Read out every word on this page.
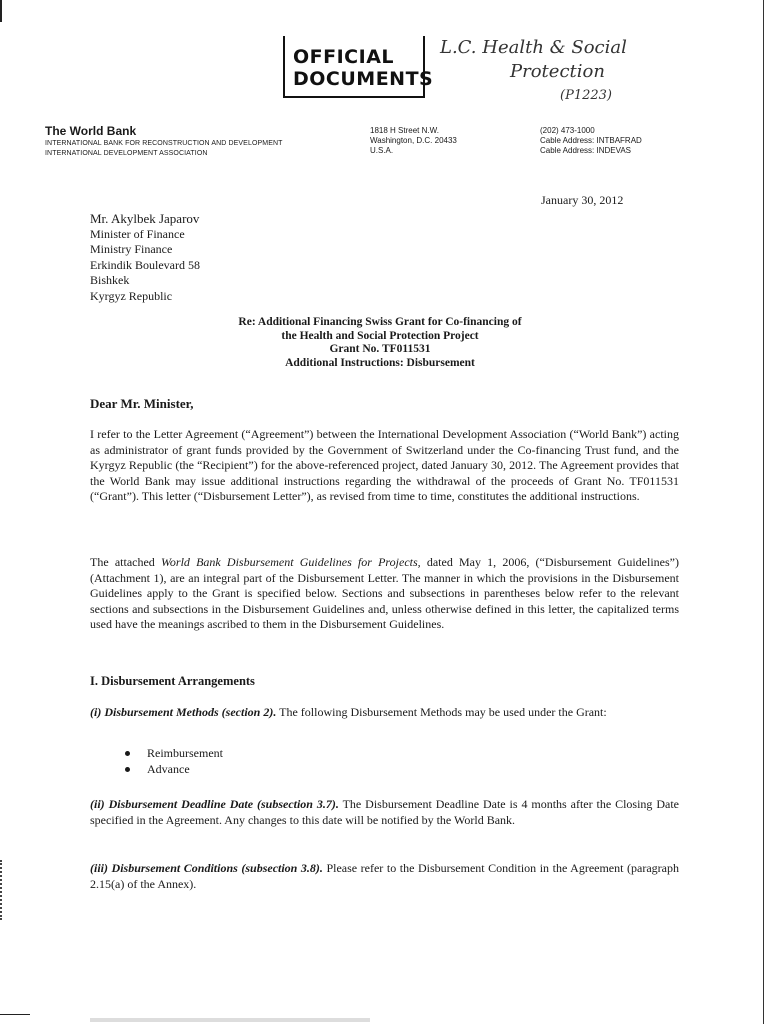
OFFICIAL
DOCUMENTS
L.C. Health & Social
Protection
(P1223)
The World Bank
INTERNATIONAL BANK FOR RECONSTRUCTION AND DEVELOPMENT
INTERNATIONAL DEVELOPMENT ASSOCIATION
1818 H Street N.W.
Washington, D.C. 20433
U.S.A.
(202) 473-1000
Cable Address: INTBAFRAD
Cable Address: INDEVAS
January 30, 2012
Mr. Akylbek Japarov
Minister of Finance
Ministry Finance
Erkindik Boulevard 58
Bishkek
Kyrgyz Republic
Re: Additional Financing Swiss Grant for Co-financing of
the Health and Social Protection Project
Grant No. TF011531
Additional Instructions: Disbursement
Dear Mr. Minister,
I refer to the Letter Agreement (“Agreement”) between the International Development Association (“World Bank”) acting as administrator of grant funds provided by the Government of Switzerland under the Co-financing Trust fund, and the Kyrgyz Republic (the “Recipient”) for the above-referenced project, dated January 30, 2012. The Agreement provides that the World Bank may issue additional instructions regarding the withdrawal of the proceeds of Grant No. TF011531 (“Grant”). This letter (“Disbursement Letter”), as revised from time to time, constitutes the additional instructions.
The attached World Bank Disbursement Guidelines for Projects, dated May 1, 2006, (“Disbursement Guidelines”) (Attachment 1), are an integral part of the Disbursement Letter. The manner in which the provisions in the Disbursement Guidelines apply to the Grant is specified below. Sections and subsections in parentheses below refer to the relevant sections and subsections in the Disbursement Guidelines and, unless otherwise defined in this letter, the capitalized terms used have the meanings ascribed to them in the Disbursement Guidelines.
I. Disbursement Arrangements
(i) Disbursement Methods (section 2). The following Disbursement Methods may be used under the Grant:
Reimbursement
Advance
(ii) Disbursement Deadline Date (subsection 3.7). The Disbursement Deadline Date is 4 months after the Closing Date specified in the Agreement. Any changes to this date will be notified by the World Bank.
(iii) Disbursement Conditions (subsection 3.8). Please refer to the Disbursement Condition in the Agreement (paragraph 2.15(a) of the Annex).
